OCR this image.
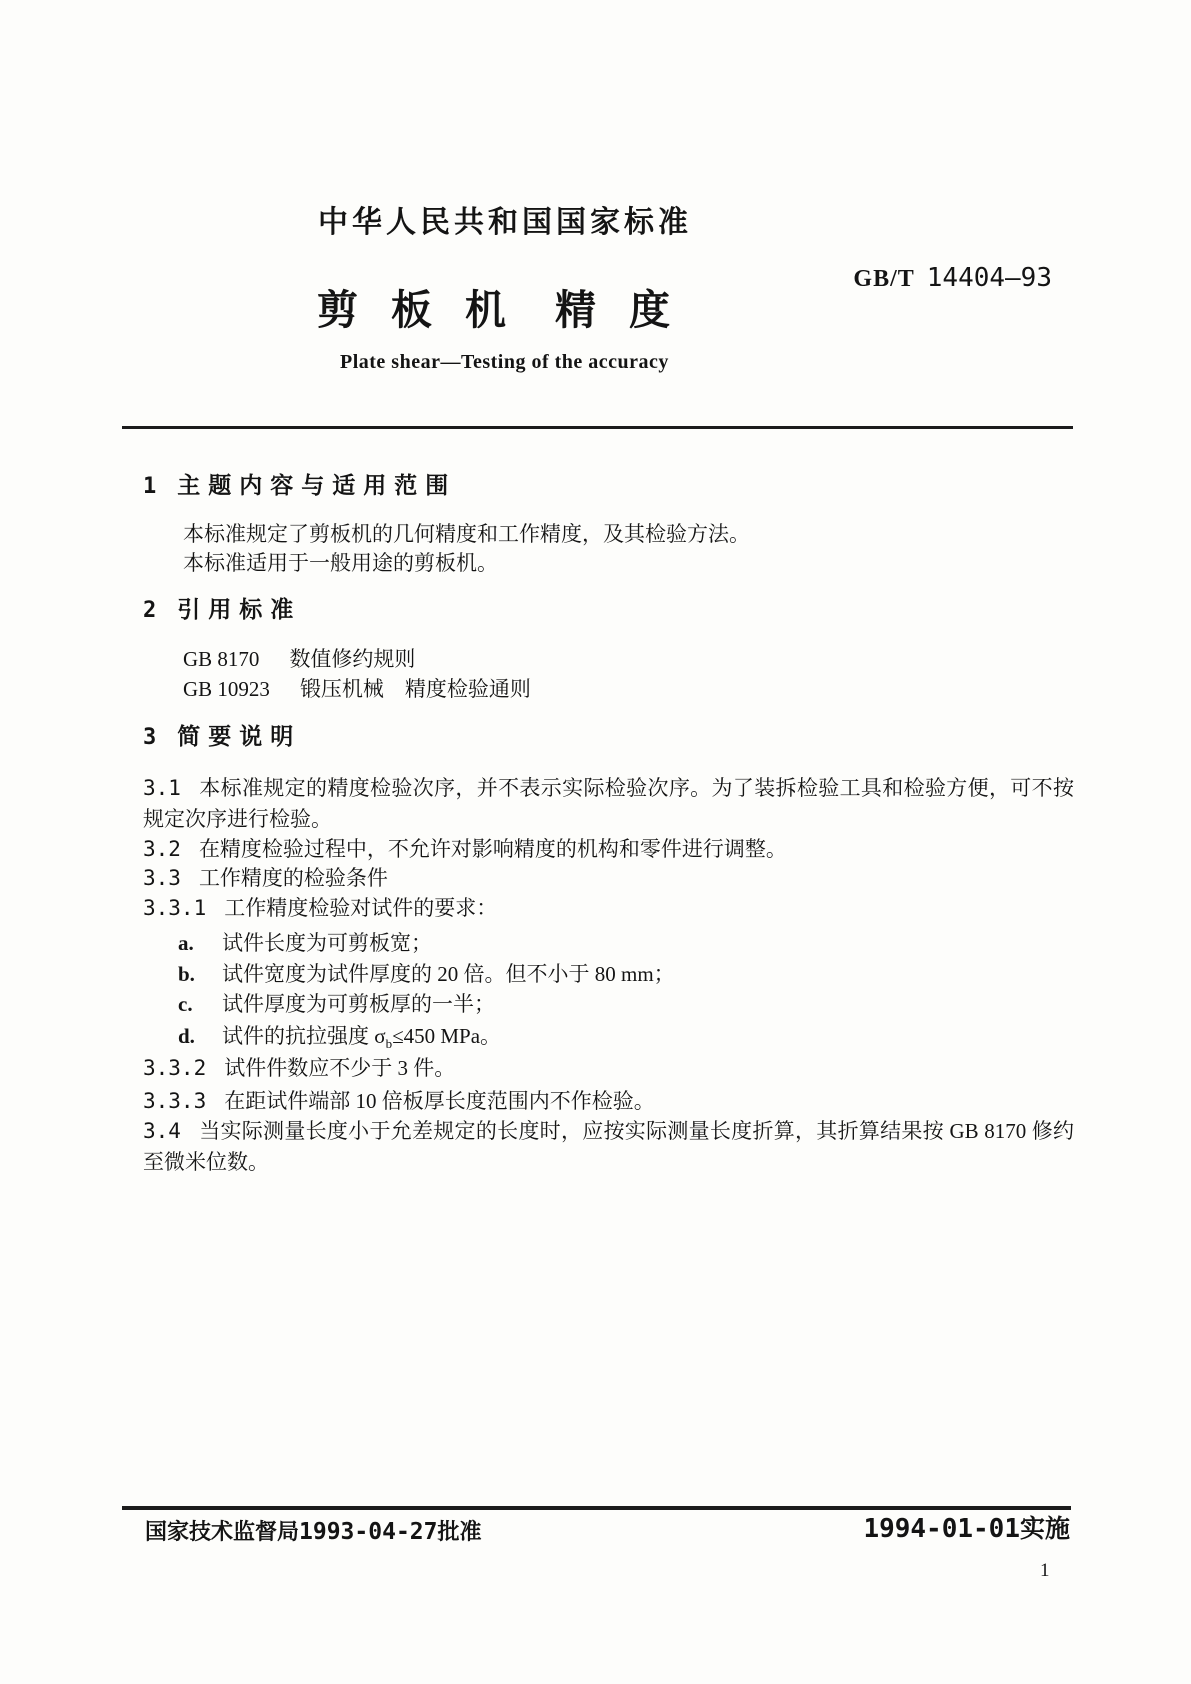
中华人民共和国国家标准
GB/T 14404—93
剪板机 精度
Plate shear—Testing of the accuracy
1 主题内容与适用范围
本标准规定了剪板机的几何精度和工作精度，及其检验方法。
本标准适用于一般用途的剪板机。
2 引用标准
GB 8170 数值修约规则
GB 10923 锻压机械　精度检验通则
3 简要说明
3.1 本标准规定的精度检验次序，并不表示实际检验次序。为了装拆检验工具和检验方便，可不按规定次序进行检验。
3.2 在精度检验过程中，不允许对影响精度的机构和零件进行调整。
3.3 工作精度的检验条件
3.3.1 工作精度检验对试件的要求：
a. 试件长度为可剪板宽；
b. 试件宽度为试件厚度的 20 倍。但不小于 80 mm；
c. 试件厚度为可剪板厚的一半；
d. 试件的抗拉强度 $\sigma_b\le 450$ MPa。
3.3.2 试件件数应不少于 3 件。
3.3.3 在距试件端部 10 倍板厚长度范围内不作检验。
3.4 当实际测量长度小于允差规定的长度时，应按实际测量长度折算，其折算结果按 GB 8170 修约至微米位数。
国家技术监督局1993-04-27批准	1994-01-01实施
1
